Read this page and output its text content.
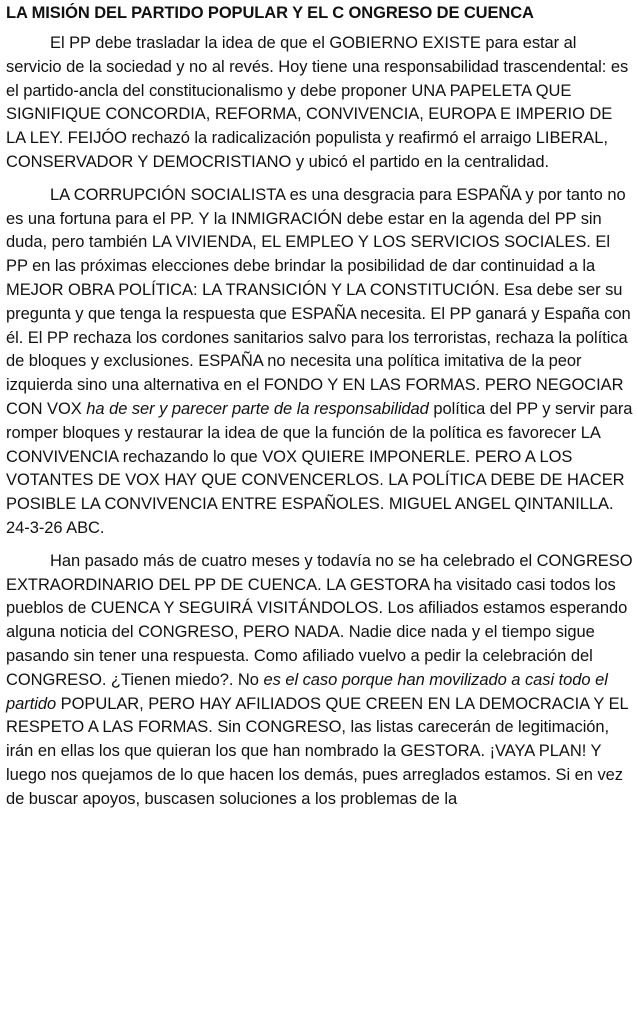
LA MISIÓN DEL PARTIDO POPULAR Y EL C ONGRESO DE CUENCA

El PP debe trasladar la idea de que el GOBIERNO EXISTE para estar al servicio de la sociedad y no al revés. Hoy tiene una responsabilidad trascendental: es el partido-ancla del constitucionalismo y debe proponer UNA PAPELETA QUE SIGNIFIQUE CONCORDIA, REFORMA, CONVIVENCIA, EUROPA E IMPERIO DE LA LEY. FEIJÓO rechazó la radicalización populista y reafirmó el arraigo LIBERAL, CONSERVADOR Y DEMOCRISTIANO y ubicó el partido en la centralidad.

LA CORRUPCIÓN SOCIALISTA es una desgracia para ESPAÑA y por tanto no es una fortuna para el PP. Y la INMIGRACIÓN debe estar en la agenda del PP sin duda, pero también LA VIVIENDA, EL EMPLEO Y LOS SERVICIOS SOCIALES. El PP en las próximas elecciones debe brindar la posibilidad de dar continuidad a la MEJOR OBRA POLÍTICA: LA TRANSICIÓN Y LA CONSTITUCIÓN. Esa debe ser su pregunta y que tenga la respuesta que ESPAÑA necesita. El PP ganará y España con él. El PP rechaza los cordones sanitarios salvo para los terroristas, rechaza la política de bloques y exclusiones. ESPAÑA no necesita una política imitativa de la peor izquierda sino una alternativa en el FONDO Y EN LAS FORMAS. PERO NEGOCIAR CON VOX ha de ser y parecer parte de la responsabilidad política del PP y servir para romper bloques y restaurar la idea de que la función de la política es favorecer LA CONVIVENCIA rechazando lo que VOX QUIERE IMPONERLE. PERO A LOS VOTANTES DE VOX HAY QUE CONVENCERLOS. LA POLÍTICA DEBE DE HACER POSIBLE LA CONVIVENCIA ENTRE ESPAÑOLES. MIGUEL ANGEL QINTANILLA. 24-3-26 ABC.

Han pasado más de cuatro meses y todavía no se ha celebrado el CONGRESO EXTRAORDINARIO DEL PP DE CUENCA. LA GESTORA ha visitado casi todos los pueblos de CUENCA Y SEGUIRÁ VISITÁNDOLOS. Los afiliados estamos esperando alguna noticia del CONGRESO, PERO NADA. Nadie dice nada y el tiempo sigue pasando sin tener una respuesta. Como afiliado vuelvo a pedir la celebración del CONGRESO. ¿Tienen miedo?. No es el caso porque han movilizado a casi todo el partido POPULAR, PERO HAY AFILIADOS QUE CREEN EN LA DEMOCRACIA Y EL RESPETO A LAS FORMAS. Sin CONGRESO, las listas carecerán de legitimación, irán en ellas los que quieran los que han nombrado la GESTORA. ¡VAYA PLAN! Y luego nos quejamos de lo que hacen los demás, pues arreglados estamos. Si en vez de buscar apoyos, buscasen soluciones a los problemas de la
